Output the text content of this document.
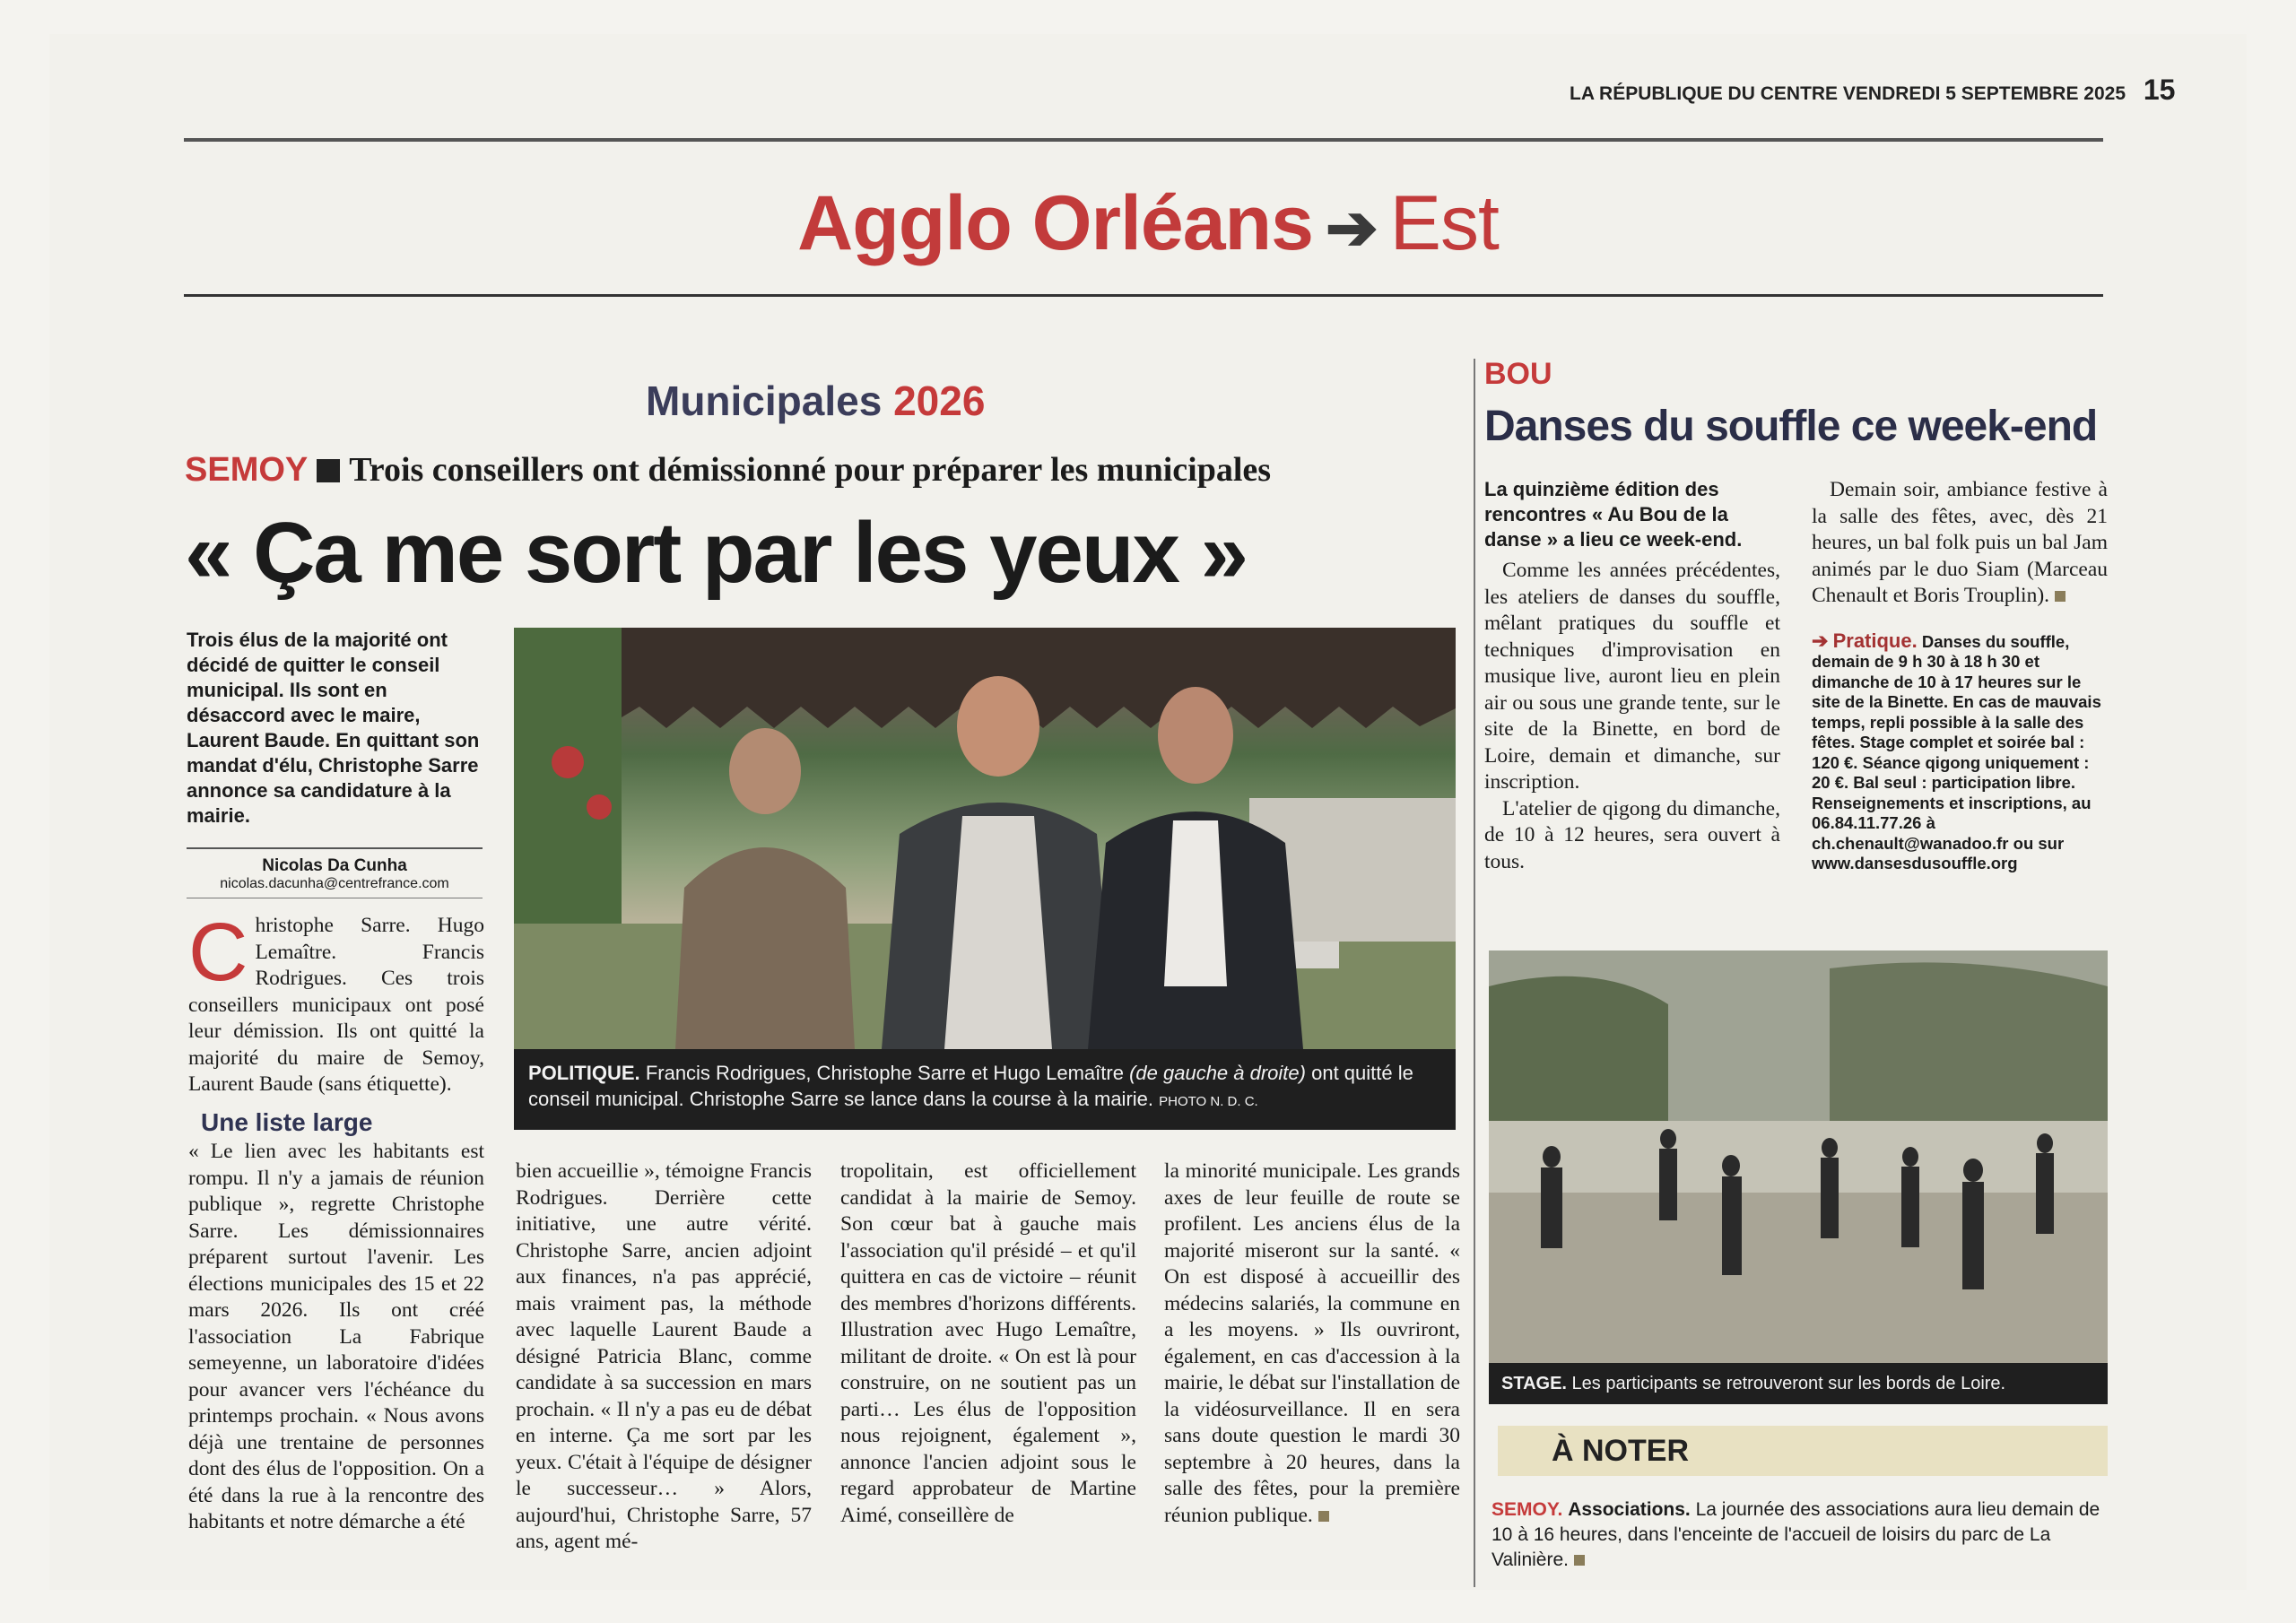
LA RÉPUBLIQUE DU CENTRE VENDREDI 5 SEPTEMBRE 2025 15
Agglo Orléans ➔ Est
Municipales 2026
SEMOY Trois conseillers ont démissionné pour préparer les municipales
« Ça me sort par les yeux »
Trois élus de la majorité ont décidé de quitter le conseil municipal. Ils sont en désaccord avec le maire, Laurent Baude. En quittant son mandat d'élu, Christophe Sarre annonce sa candidature à la mairie.
Nicolas Da Cunha
nicolas.dacunha@centrefrance.com
POLITIQUE. Francis Rodrigues, Christophe Sarre et Hugo Lemaître (de gauche à droite) ont quitté le conseil municipal. Christophe Sarre se lance dans la course à la mairie. PHOTO N. D. C.
C hristophe Sarre. Hugo Lemaître. Francis Rodrigues. Ces trois conseillers municipaux ont posé leur démission. Ils ont quitté la majorité du maire de Semoy, Laurent Baude (sans étiquette).
Une liste large
« Le lien avec les habitants est rompu. Il n'y a jamais de réunion publique », regrette Christophe Sarre. Les démissionnaires préparent surtout l'avenir. Les élections municipales des 15 et 22 mars 2026. Ils ont créé l'association La Fabrique semeyenne, un laboratoire d'idées pour avancer vers l'échéance du printemps prochain. « Nous avons déjà une trentaine de personnes dont des élus de l'opposition. On a été dans la rue à la rencontre des habitants et notre démarche a été
bien accueillie », témoigne Francis Rodrigues. Derrière cette initiative, une autre vérité. Christophe Sarre, ancien adjoint aux finances, n'a pas apprécié, mais vraiment pas, la méthode avec laquelle Laurent Baude a désigné Patricia Blanc, comme candidate à sa succession en mars prochain. « Il n'y a pas eu de débat en interne. Ça me sort par les yeux. C'était à l'équipe de désigner le successeur… » Alors, aujourd'hui, Christophe Sarre, 57 ans, agent mé-
tropolitain, est officiellement candidat à la mairie de Semoy. Son cœur bat à gauche mais l'association qu'il présidé – et qu'il quittera en cas de victoire – réunit des membres d'horizons différents. Illustration avec Hugo Lemaître, militant de droite. « On est là pour construire, on ne soutient pas un parti… Les élus de l'opposition nous rejoignent, également », annonce l'ancien adjoint sous le regard approbateur de Martine Aimé, conseillère de
la minorité municipale. Les grands axes de leur feuille de route se profilent. Les anciens élus de la majorité miseront sur la santé. « On est disposé à accueillir des médecins salariés, la commune en a les moyens. » Ils ouvriront, également, en cas d'accession à la mairie, le débat sur l'installation de la vidéosurveillance. Il en sera sans doute question le mardi 30 septembre à 20 heures, dans la salle des fêtes, pour la première réunion publique.
BOU
Danses du souffle ce week-end
La quinzième édition des rencontres « Au Bou de la danse » a lieu ce week-end.
Comme les années précédentes, les ateliers de danses du souffle, mêlant pratiques du souffle et techniques d'improvisation en musique live, auront lieu en plein air ou sous une grande tente, sur le site de la Binette, en bord de Loire, demain et dimanche, sur inscription.
L'atelier de qigong du dimanche, de 10 à 12 heures, sera ouvert à tous.
Demain soir, ambiance festive à la salle des fêtes, avec, dès 21 heures, un bal folk puis un bal Jam animés par le duo Siam (Marceau Chenault et Boris Trouplin).
➔ Pratique. Danses du souffle, demain de 9 h 30 à 18 h 30 et dimanche de 10 à 17 heures sur le site de la Binette. En cas de mauvais temps, repli possible à la salle des fêtes. Stage complet et soirée bal : 120 €. Séance qigong uniquement : 20 €. Bal seul : participation libre. Renseignements et inscriptions, au 06.84.11.77.26 à ch.chenault@wanadoo.fr ou sur www.dansesdusouffle.org
STAGE. Les participants se retrouveront sur les bords de Loire.
À NOTER
SEMOY. Associations. La journée des associations aura lieu demain de 10 à 16 heures, dans l'enceinte de l'accueil de loisirs du parc de La Valinière.
